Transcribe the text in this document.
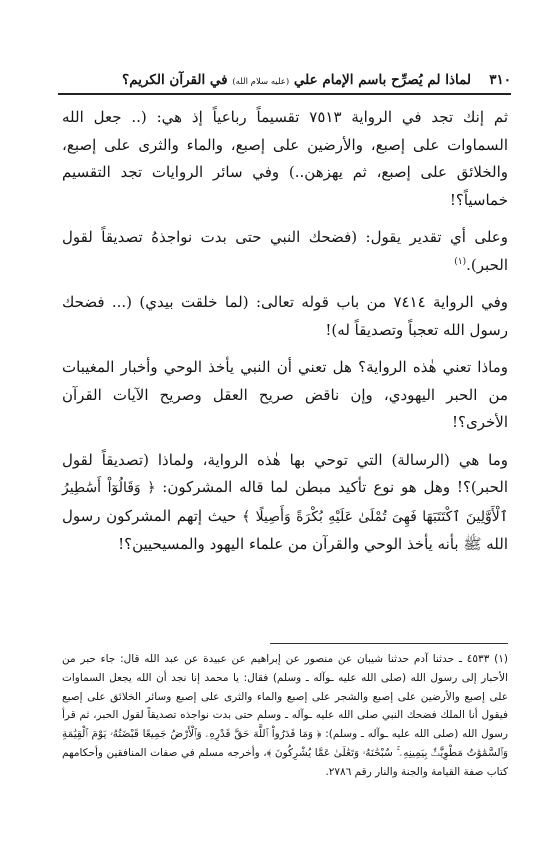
٣١٠
لماذا لم يُصرِّح باسم الإمام علي (عليه سلام الله) في القرآن الكريم؟

ثم إنك تجد في الرواية ٧٥١٣ تقسيماً رباعياً إذ هي: (.. جعل الله السماوات على إصبع، والأرضين على إصبع، والماء والثرى على إصبع، والخلائق على إصبع، ثم يهزهن..) وفي سائر الروايات تجد التقسيم خماسياً؟!

وعلى أي تقدير يقول: (فضحك النبي حتى بدت نواجذهُ تصديقاً لقول الحبر).$^{(١)}$

وفي الرواية ٧٤١٤ من باب قوله تعالى: (لما خلقت بيدي) (... فضحك رسول الله تعجباً وتصديقاً له)!

وماذا تعني هٰذه الرواية؟ هل تعني أن النبي يأخذ الوحي وأخبار المغيبات من الحبر اليهودي، وإن ناقض صريح العقل وصريح الآيات القرآن الأخرى؟!

وما هي (الرسالة) التي توحي بها هٰذه الرواية، ولماذا (تصديقاً لقول الحبر)؟! وهل هو نوع تأكيد مبطن لما قاله المشركون: ﴿ وَقَالُوٓاْ أَسَٰطِيرُ ٱلْأَوَّلِينَ ٱكْتَتَبَهَا فَهِىَ تُمْلَىٰ عَلَيْهِ بُكْرَةً وَأَصِيلًا ﴾ حيث إتهم المشركون رسول الله ﷺ بأنه يأخذ الوحي والقرآن من علماء اليهود والمسيحيين؟!

(١) ٤٥٣٣ ـ حدثنا آدم حدثنا شيبان عن منصور عن إبراهيم عن عبيدة عن عبد الله قال: جاء حبر من الأحبار إلى رسول الله (صلى الله عليه ـوآله ـ وسلم) فقال: يا محمد إنا نجد أن الله يجعل السماوات على إصبع والأرضين على إصبع والشجر على إصبع والماء والثرى على إصبع وسائر الخلائق على إصبع فيقول أنا الملك فضحك النبي صلى الله عليه ـوآله ـ وسلم حتى بدت نواجذه تصديقاً لقول الحبر، ثم قرأ رسول الله (صلى الله عليه ـوآله ـ وسلم): ﴿ وَمَا قَدَرُواْ ٱللَّهَ حَقَّ قَدْرِهِۦ وَٱلْأَرْضُ جَمِيعًا قَبْضَتُهُۥ يَوْمَ ٱلْقِيَٰمَةِ وَٱلسَّمَٰوَٰتُ مَطْوِيَّٰتٌۢ بِيَمِينِهِۦ ۚ سُبْحَٰنَهُۥ وَتَعَٰلَىٰ عَمَّا يُشْرِكُونَ ﴾، وأخرجه مسلم في صفات المنافقين وأحكامهم كتاب صفة القيامة والجنة والنار رقم ٢٧٨٦.
